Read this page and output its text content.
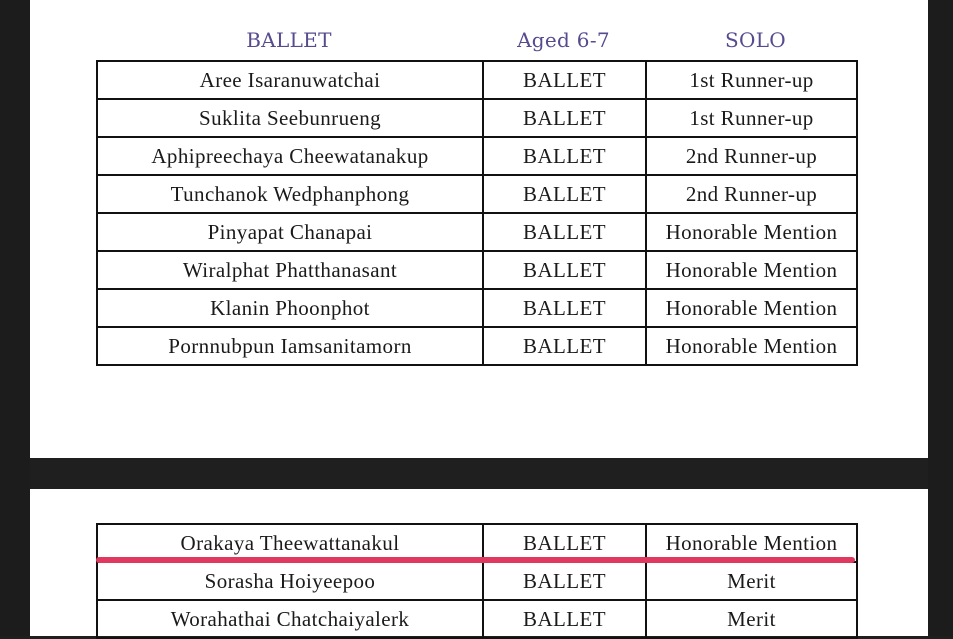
BALLET	Aged 6-7	SOLO
Aree Isaranuwatchai	BALLET	1st Runner-up
Suklita Seebunrueng	BALLET	1st Runner-up
Aphipreechaya Cheewatanakup	BALLET	2nd Runner-up
Tunchanok Wedphanphong	BALLET	2nd Runner-up
Pinyapat Chanapai	BALLET	Honorable Mention
Wiralphat Phatthanasant	BALLET	Honorable Mention
Klanin Phoonphot	BALLET	Honorable Mention
Pornnubpun Iamsanitamorn	BALLET	Honorable Mention
Orakaya Theewattanakul	BALLET	Honorable Mention
Sorasha Hoiyeepoo	BALLET	Merit
Worahathai Chatchaiyalerk	BALLET	Merit
